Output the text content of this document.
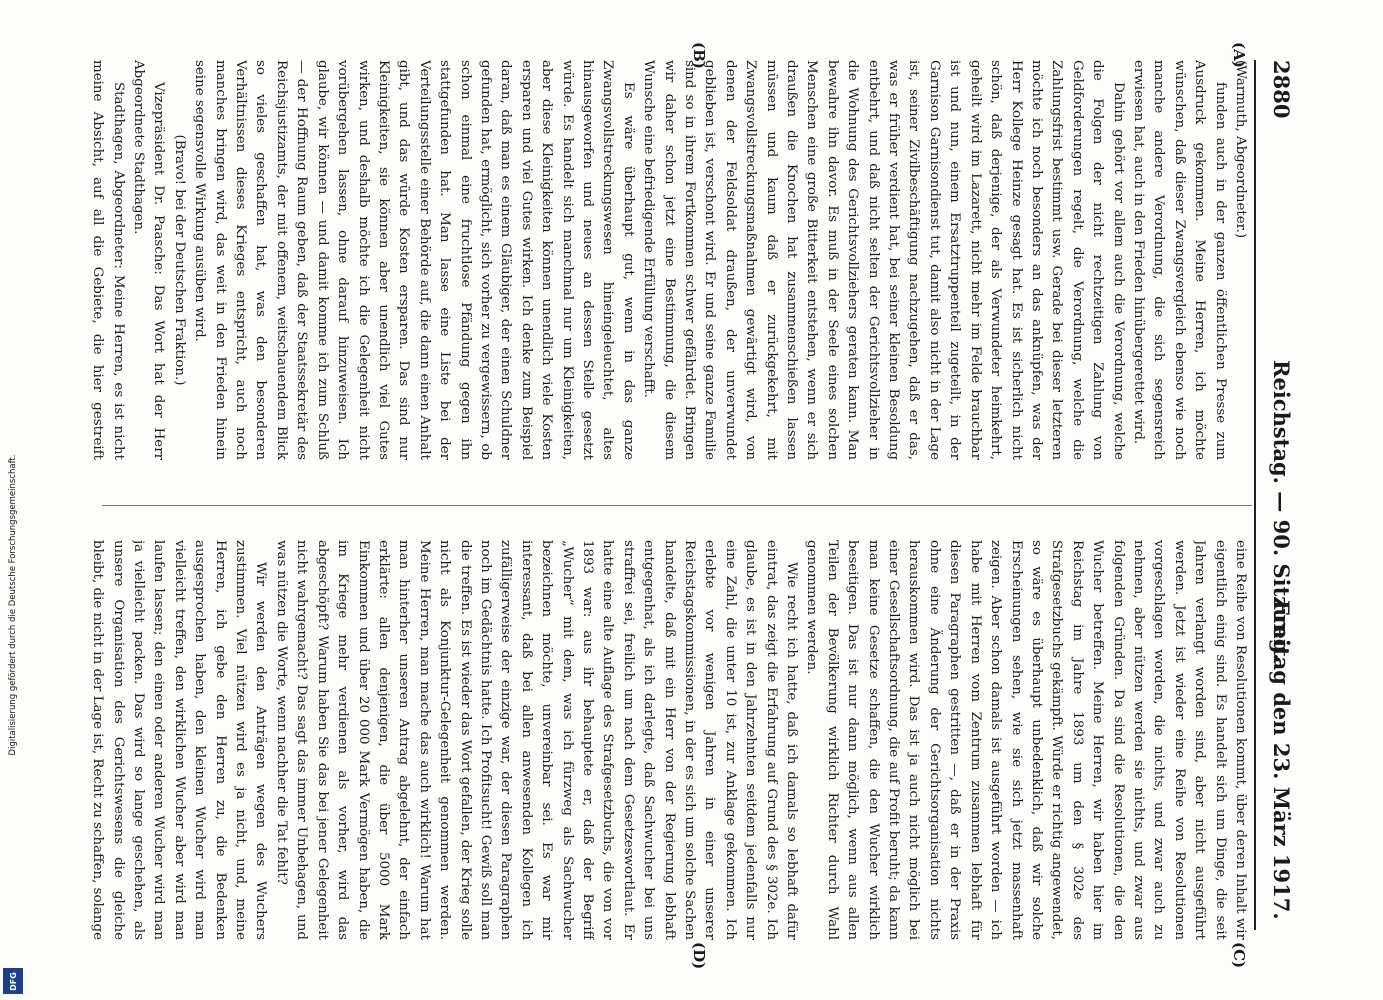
Digitalisierung gefördert durch die Deutsche Forschungsgemeinschaft.
DFG
2880
Reichstag. — 90. Sitzung.
Freitag den 23. März 1917.
(A)
(B)
(C)
(D)

(Warmuth, Abgeordneter.)

funden auch in der ganzen öffentlichen Presse zum Ausdruck gekommen. Meine Herren, ich möchte wünschen, daß dieser Zwangsvergleich ebenso wie noch manche andere Verordnung, die sich segensreich erwiesen hat, auch in den Frieden hinübergerettet wird.

Dahin gehört vor allem auch die Verordnung, welche die Folgen der nicht rechtzeitigen Zahlung von Geldforderungen regelt, die Verordnung, welche die Zahlungsfrist bestimmt usw. Gerade bei dieser letzteren möchte ich noch besonders an das anknüpfen, was der Herr Kollege Heinze gesagt hat. Es ist sicherlich nicht schön, daß derjenige, der als Verwundeter heimkehrt, geheilt wird im Lazarett, nicht mehr im Felde brauchbar ist und nun, einem Ersatztruppenteil zugeteilt, in der Garnison Garnisondienst tut, damit also nicht in der Lage ist, seiner Zivilbeschäftigung nachzugehen, daß er das, was er früher verdient hat, bei seiner kleinen Besoldung entbehrt, und daß nicht selten der Gerichtsvollzieher in die Wohnung des Gerichtsvollziehers geraten kann. Man bewahre ihn davor. Es muß in der Seele eines solchen Menschen eine große Bitterkeit entstehen, wenn er sich draußen die Knochen hat zusammenschießen lassen müssen und kaum daß er zurückgekehrt, mit Zwangsvollstreckungsmaßnahmen gewärtigt wird, von denen der Feldsoldat draußen, der unverwundet geblieben ist, verschont wird. Er und seine ganze Familie sind so in ihrem Fortkommen schwer gefährdet. Bringen wir daher schon jetzt eine Bestimmung, die diesem Wunsche eine befriedigende Erfüllung verschafft.

Es wäre überhaupt gut, wenn in das ganze Zwangsvollstreckungswesen hineingeleuchtet, altes hinausgeworfen und neues an dessen Stelle gesetzt würde. Es handelt sich manchmal nur um Kleinigkeiten, aber diese Kleinigkeiten können unendlich viele Kosten ersparen und viel Gutes wirken. Ich denke zum Beispiel daran, daß man es einem Gläubiger, der einen Schuldner gefunden hat, ermöglicht, sich vorher zu vergewissern, ob schon einmal eine fruchtlose Pfändung gegen ihn stattgefunden hat. Man lasse eine Liste bei der Verteilungsstelle einer Behörde auf, die dann einen Anhalt gibt, und das würde Kosten ersparen. Das sind nur Kleinigkeiten, sie können aber unendlich viel Gutes wirken, und deshalb möchte ich die Gelegenheit nicht vorübergehen lassen, ohne darauf hinzuweisen. Ich glaube, wir können — und damit komme ich zum Schluß — der Hoffnung Raum geben, daß der Staatssekretär des Reichsjustizamts, der mit offenem, weitschauendem Blick so vieles geschaffen hat, was den besonderen Verhältnissen dieses Krieges entspricht, auch noch manches bringen wird, das weit in den Frieden hinein seine segensvolle Wirkung ausüben wird.

(Bravo! bei der Deutschen Fraktion.)

Vizepräsident Dr. Paasche: Das Wort hat der Herr Abgeordnete Stadthagen.

Stadthagen, Abgeordneter: Meine Herren, es ist nicht meine Absicht, auf all die Gebiete, die hier gestreift

eine Reihe von Resolutionen kommt, über deren Inhalt wir eigentlich einig sind. Es handelt sich um Dinge, die seit Jahren verlangt worden sind, aber nicht ausgeführt werden. Jetzt ist wieder eine Reihe von Resolutionen vorgeschlagen worden, die nichts, und zwar auch zu nehmen, aber nützen werden sie nichts, und zwar aus folgenden Gründen. Da sind die Resolutionen, die den Wucher betreffen. Meine Herren, wir haben hier im Reichstag im Jahre 1893 um den § 302e des Strafgesetzbuchs gekämpft. Würde er richtig angewendet, so wäre es überhaupt unbedenklich, daß wir solche Erscheinungen sehen, wie sie sich jetzt massenhaft zeigen. Aber schon damals ist ausgeführt worden — ich habe mit Herren vom Zentrum zusammen lebhaft für diesen Paragraphen gestritten —, daß er in der Praxis ohne eine Änderung der Gerichtsorganisation nichts herauskommen wird. Das ist ja auch nicht möglich bei einer Gesellschaftsordnung, die auf Profit beruht; da kann man keine Gesetze schaffen, die den Wucher wirklich beseitigen. Das ist nur dann möglich, wenn aus allen Teilen der Bevölkerung wirklich Richter durch Wahl genommen werden.

Wie recht ich hatte, daß ich damals so lebhaft dafür eintrat, das zeigt die Erfahrung auf Grund des § 302e. Ich glaube, es ist in den Jahrzehnten seitdem jedenfalls nur eine Zahl, die unter 10 ist, zur Anklage gekommen. Ich erlebte vor wenigen Jahren in einer unserer Reichstagskommissionen, in der es sich um solche Sachen handelte, daß mit ein Herr von der Regierung lebhaft entgegenhat, als ich darlegte, daß Sachwucher bei uns straffrei sei, freilich um nach dem Gesetzeswortlaut. Er hatte eine alte Auflage des Strafgesetzbuchs, die von vor 1893 war: aus ihr behauptete er, daß der Begriff „Wucher“ mit dem, was ich fürzweg als Sachwucher bezeichnen möchte, unvereinbar sei. Es war mir interessant, daß bei allen anwesenden Kollegen ich zufälligerweise der einzige war, der diesen Paragraphen noch im Gedächtnis hatte. Ich Profitsucht! Gewiß soll man die treffen. Es ist wieder das Wort gefallen, der Krieg solle nicht als Konjunktur-Gelegenheit genommen werden. Meine Herren, man mache das auch wirklich! Warum hat man hinterher unseren Antrag abgelehnt, der einfach erklärte: allen denjenigen, die über 5000 Mark Einkommen und über 20 000 Mark Vermögen haben, die im Kriege mehr verdienen als vorher, wird das abgeschöpft? Warum haben Sie das bei jener Gelegenheit nicht wahrgemacht? Das sagt das immer Unbehagen, und was nützen die Worte, wenn nachher die Tat fehlt?

Wir werden den Anträgen wegen des Wuchers zustimmen. Viel nützen wird es ja nicht, und, meine Herren, ich gebe den Herren zu, die Bedenken ausgesprochen haben, den kleinen Wucher wird man vielleicht treffen, den wirklichen Wucher aber wird man laufen lassen; den einen oder anderen Wucher wird man ja vielleicht packen. Das wird so lange geschehen, als unsere Organisation des Gerichtswesens die gleiche bleibt, die nicht in der Lage ist, Recht zu schaffen, solange
